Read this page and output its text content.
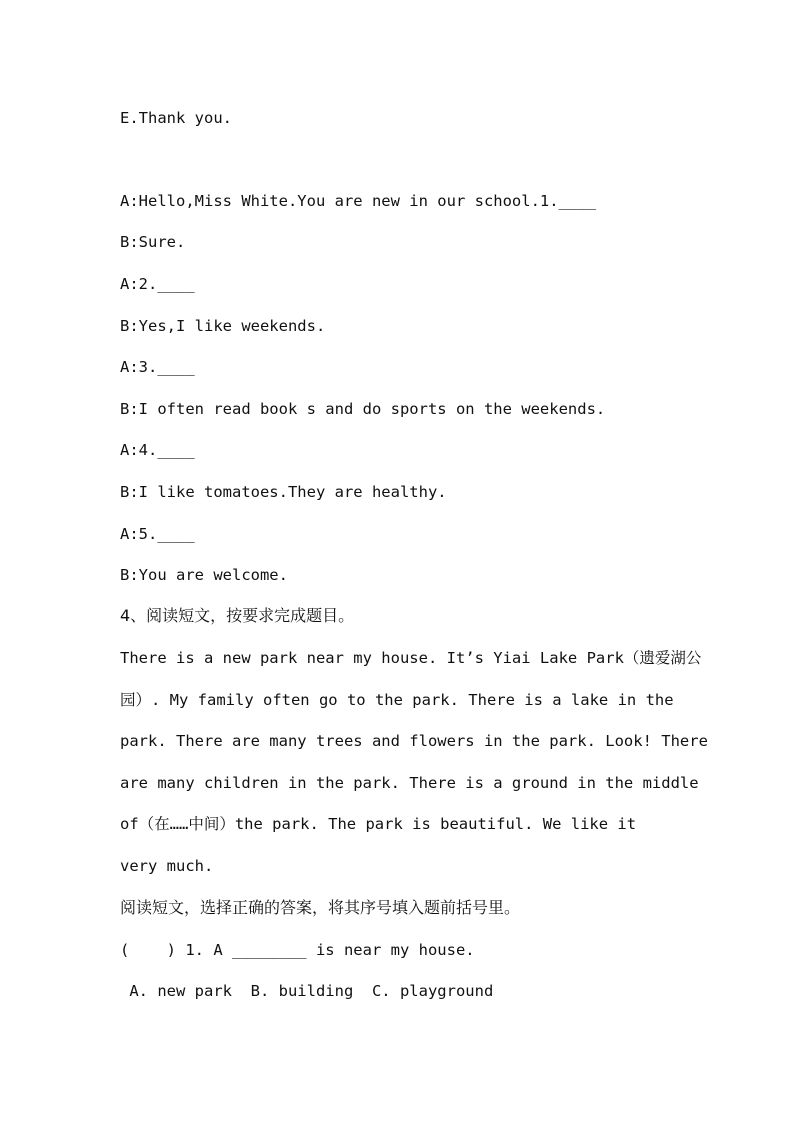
E.Thank you.
A:Hello,Miss White.You are new in our school.1.____
B:Sure.
A:2.____
B:Yes,I like weekends.
A:3.____
B:I often read book s and do sports on the weekends.
A:4.____
B:I like tomatoes.They are healthy.
A:5.____
B:You are welcome.
4、阅读短文，按要求完成题目。
There is a new park near my house. It’s Yiai Lake Park（遗爱湖公
园）. My family often go to the park. There is a lake in the
park. There are many trees and flowers in the park. Look! There
are many children in the park. There is a ground in the middle
of（在……中间）the park. The park is beautiful. We like it
very much.
阅读短文，选择正确的答案，将其序号填入题前括号里。
(    ) 1. A ________ is near my house.
A. new park  B. building  C. playground
